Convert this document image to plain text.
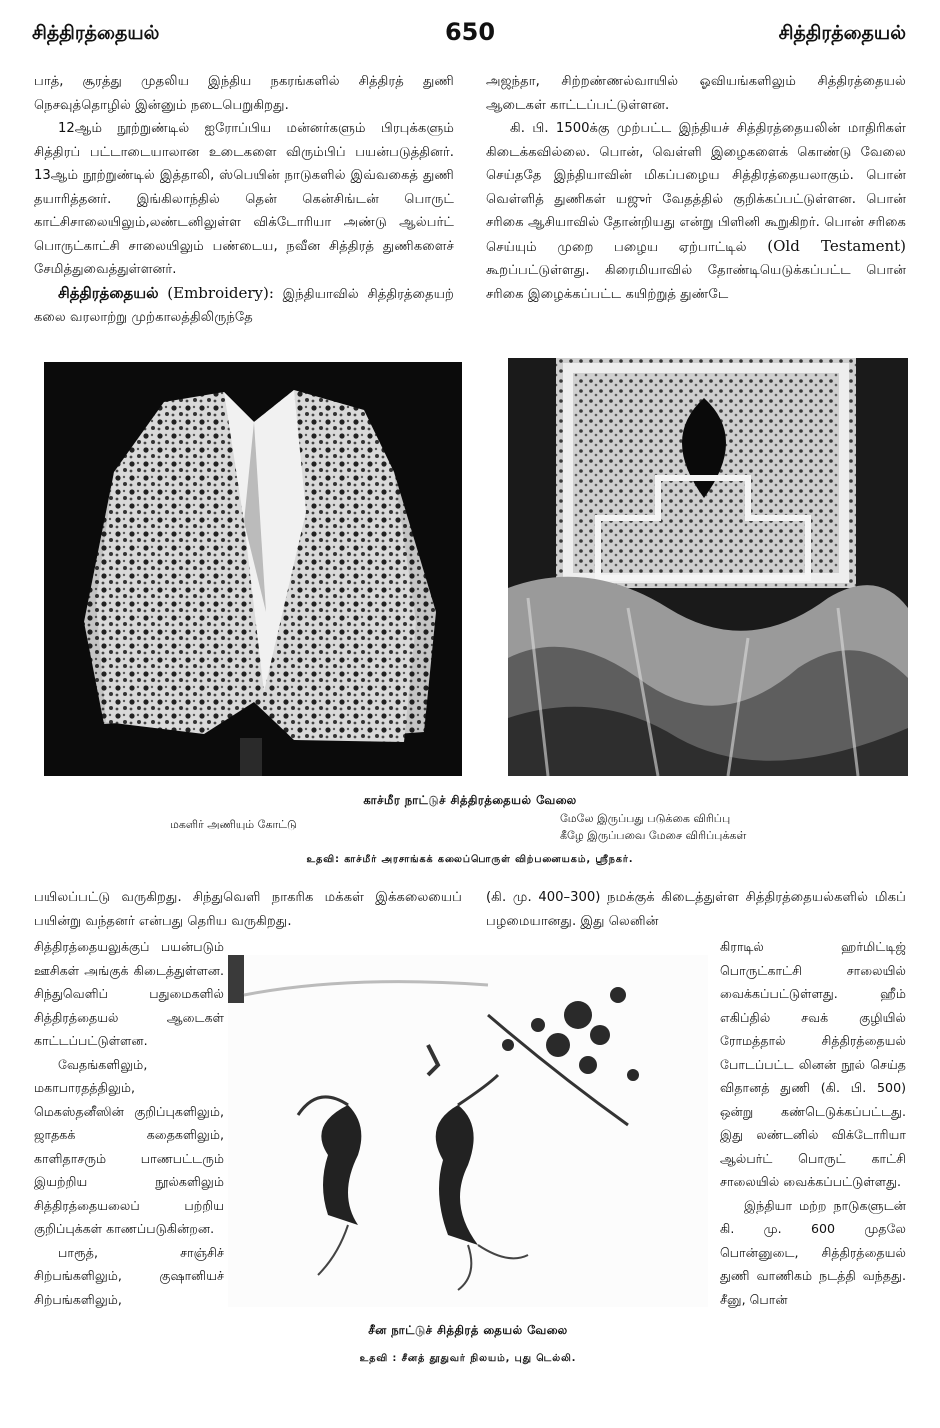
சித்திரத்தையல்	650	சித்திரத்தையல்

பாத், சூரத்து முதலிய இந்திய நகரங்களில் சித்திரத் துணி நெசவுத்தொழில் இன்னும் நடைபெறுகிறது.

12ஆம் நூற்றுண்டில் ஐரோப்பிய மன்னர்களும் பிரபுக்களும் சித்திரப் பட்டாடையாலான உடைகளை விரும்பிப் பயன்படுத்தினர். 13ஆம் நூற்றுண்டில் இத்தாலி, ஸ்பெயின் நாடுகளில் இவ்வகைத் துணி தயாரித்தனர். இங்கிலாந்தில் தென் கென்சிங்டன் பொருட் காட்சிசாலையிலும்,லண்டனிலுள்ள விக்டோரியா அண்டு ஆல்பர்ட் பொருட்காட்சி சாலையிலும் பண்டைய, நவீன சித்திரத் துணிகளைச் சேமித்துவைத்துள்ளனர்.

சித்திரத்தையல் (Embroidery): இந்தியாவில் சித்திரத்தையற் கலை வரலாற்று முற்காலத்திலிருந்தே

அஜந்தா, சிற்றண்ணல்வாயில் ஓவியங்களிலும் சித்திரத்தையல் ஆடைகள் காட்டப்பட்டுள்ளன.

கி. பி. 1500க்கு முற்பட்ட இந்தியச் சித்திரத்தையலின் மாதிரிகள் கிடைக்கவில்லை. பொன், வெள்ளி இழைகளைக் கொண்டு வேலை செய்ததே இந்தியாவின் மிகப்பழைய சித்திரத்தையலாகும். பொன் வெள்ளித் துணிகள் யஜுர் வேதத்தில் குறிக்கப்பட்டுள்ளன. பொன் சரிகை ஆசியாவில் தோன்றியது என்று பிளினி கூறுகிறர். பொன் சரிகை செய்யும் முறை பழைய ஏற்பாட்டில் (Old Testament) கூறப்பட்டுள்ளது. கிரைமியாவில் தோண்டியெடுக்கப்பட்ட பொன் சரிகை இழைக்கப்பட்ட கயிற்றுத் துண்டே

காச்மீர நாட்டுச் சித்திரத்தையல் வேலை
மகளிர் அணியும் கோட்டு	மேலே இருப்பது படுக்கை விரிப்பு
கீழே இருப்பவை மேசை விரிப்புக்கள்
உதவி: காச்மீர் அரசாங்கக் கலைப்பொருள் விற்பனையகம், ஸ்ரீநகர்.

பயிலப்பட்டு வருகிறது. சிந்துவெளி நாகரிக மக்கள் இக்கலையைப் பயின்று வந்தனர் என்பது தெரிய வருகிறது.

சித்திரத்தையலுக்குப் பயன்படும் ஊசிகள் அங்குக் கிடைத்துள்ளன. சிந்துவெளிப் பதுமைகளில் சித்திரத்தையல் ஆடைகள் காட்டப்பட்டுள்ளன.

வேதங்களிலும், மகாபாரதத்திலும், மெகஸ்தனீஸின் குறிப்புகளிலும், ஜாதகக் கதைகளிலும், காளிதாசரும் பாணபட்டரும் இயற்றிய நூல்களிலும் சித்திரத்தையலைப் பற்றிய குறிப்புக்கள் காணப்படுகின்றன.

பாரூத், சாஞ்சிச் சிற்பங்களிலும், குஷானியச் சிற்பங்களிலும்,

(கி. மு. 400–300) நமக்குக் கிடைத்துள்ள சித்திரத்தையல்களில் மிகப் பழமையானது. இது லெனின்

கிராடில் ஹர்மிட்டிஜ் பொருட்காட்சி சாலையில் வைக்கப்பட்டுள்ளது. ஹீம் எகிப்தில் சவக் குழியில் ரோமத்தால் சித்திரத்தையல் போடப்பட்ட லினன் நூல் செய்த விதானத் துணி (கி. பி. 500) ஒன்று கண்டெடுக்கப்பட்டது. இது லண்டனில் விக்டோரியா ஆல்பர்ட் பொருட் காட்சி சாலையில் வைக்கப்பட்டுள்ளது.

இந்தியா மற்ற நாடுகளுடன் கி. மு. 600 முதலே பொன்னுடை, சித்திரத்தையல் துணி வாணிகம் நடத்தி வந்தது. சீனு, பொன்

சீன நாட்டுச் சித்திரத் தையல் வேலை
உதவி : சீனத் தூதுவர் நிலயம், புது டெல்லி.
